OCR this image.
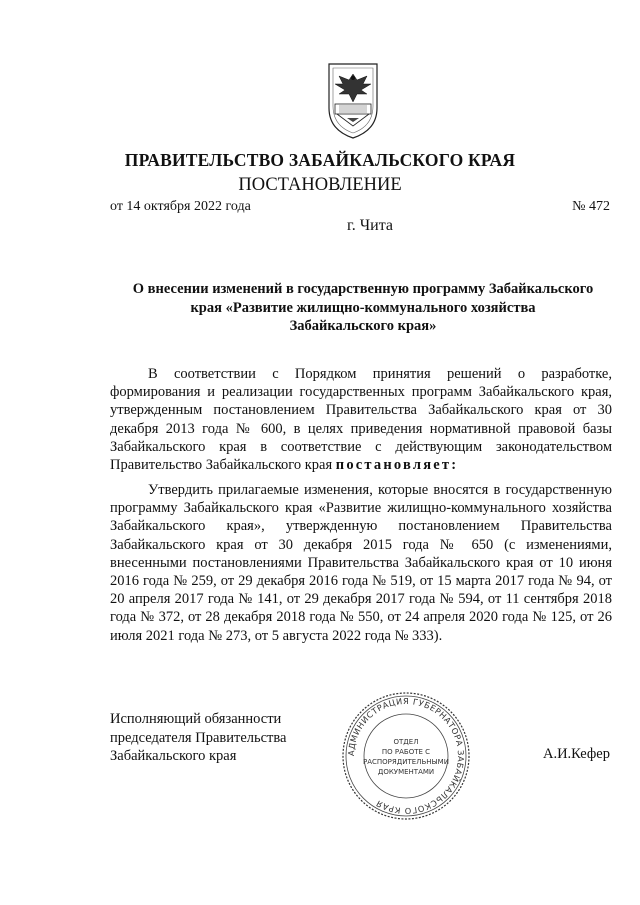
ПРАВИТЕЛЬСТВО ЗАБАЙКАЛЬСКОГО КРАЯ
ПОСТАНОВЛЕНИЕ
от 14 октября 2022 года	№ 472
г. Чита
О внесении изменений в государственную программу Забайкальского
края «Развитие жилищно-коммунального хозяйства
Забайкальского края»

В соответствии с Порядком принятия решений о разработке, формирования и реализации государственных программ Забайкальского края, утвержденным постановлением Правительства Забайкальского края от 30 декабря 2013 года № 600, в целях приведения нормативной правовой базы Забайкальского края в соответствие с действующим законодательством Правительство Забайкальского края постановляет:

Утвердить прилагаемые изменения, которые вносятся в государственную программу Забайкальского края «Развитие жилищно-коммунального хозяйства Забайкальского края», утвержденную постановлением Правительства Забайкальского края от 30 декабря 2015 года № 650 (с изменениями, внесенными постановлениями Правительства Забайкальского края от 10 июня 2016 года № 259, от 29 декабря 2016 года № 519, от 15 марта 2017 года № 94, от 20 апреля 2017 года № 141, от 29 декабря 2017 года № 594, от 11 сентября 2018 года № 372, от 28 декабря 2018 года № 550, от 24 апреля 2020 года № 125, от 26 июля 2021 года № 273, от 5 августа 2022 года № 333).

Исполняющий обязанности
председателя Правительства
Забайкальского края	АДМИНИСТРАЦИЯ ГУБЕРНАТОРА ЗАБАЙКАЛЬСКОГО КРАЯ
ОТДЕЛ
ПО РАБОТЕ С
РАСПОРЯДИТЕЛЬНЫМИ
ДОКУМЕНТАМИ
А.И.Кефер
